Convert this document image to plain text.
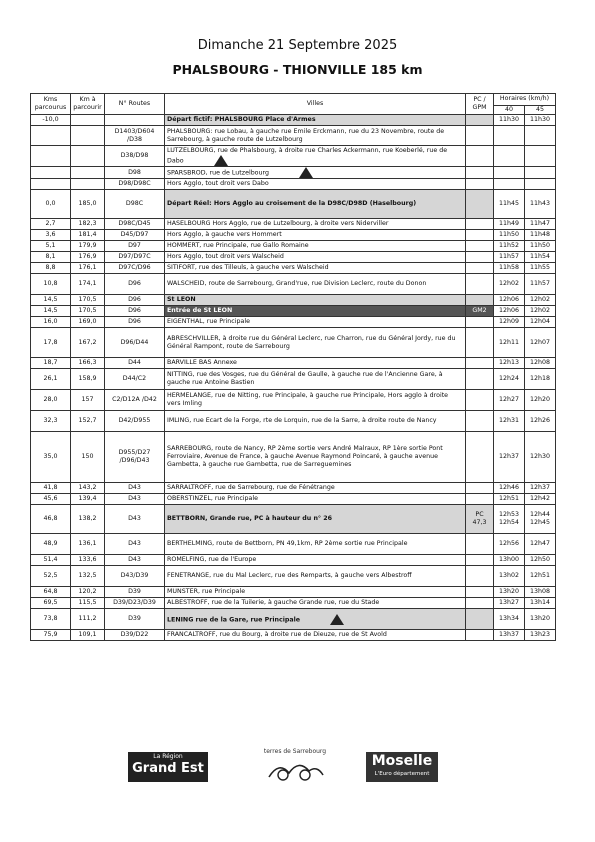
Dimanche 21 Septembre 2025
PHALSBOURG - THIONVILLE 185 km
Kms parcourus	Km à parcourir	N° Routes	Villes	PC / GPM	Horaires (km/h)	
					40	45
-10,0			Départ fictif: PHALSBOURG Place d'Armes		11h30	11h30
		D1403/D604 /D38	PHALSBOURG: rue Lobau, à gauche rue Emile Erckmann, rue du 23 Novembre, route de Sarrebourg, à gauche route de Lutzelbourg			
		D38/D98	LUTZELBOURG, rue de Phalsbourg, à droite rue Charles Ackermann, rue Koeberlé, rue de Dabo			
		D98	SPARSBROD, rue de Lutzelbourg			
		D98/D98C	Hors Agglo, tout droit vers Dabo			
0,0	185,0	D98C	Départ Réel: Hors Agglo au croisement de la D98C/D98D (Haselbourg)		11h45	11h43
2,7	182,3	D98C/D45	HASELBOURG Hors Agglo, rue de Lutzelbourg, à droite vers Niderviller		11h49	11h47
3,6	181,4	D45/D97	Hors Agglo, à gauche vers Hommert		11h50	11h48
5,1	179,9	D97	HOMMERT, rue Principale, rue Gallo Romaine		11h52	11h50
8,1	176,9	D97/D97C	Hors Agglo, tout droit vers Walscheid		11h57	11h54
8,8	176,1	D97C/D96	SITIFORT, rue des Tilleuls, à gauche vers Walscheid		11h58	11h55
10,8	174,1	D96	WALSCHEID, route de Sarrebourg, Grand'rue, rue Division Leclerc, route du Donon		12h02	11h57
14,5	170,5	D96	St LEON		12h06	12h02
14,5	170,5	D96	Entrée de St LEON	GM2	12h06	12h02
16,0	169,0	D96	EIGENTHAL, rue Principale		12h09	12h04
17,8	167,2	D96/D44	ABRESCHVILLER, à droite rue du Général Leclerc, rue Charron, rue du Général Jordy, rue du Général Rampont, route de Sarrebourg		12h11	12h07
18,7	166,3	D44	BARVILLE BAS Annexe		12h13	12h08
26,1	158,9	D44/C2	NITTING, rue des Vosges, rue du Général de Gaulle, à gauche rue de l'Ancienne Gare, à gauche rue Antoine Bastien		12h24	12h18
28,0	157	C2/D12A /D42	HERMELANGE, rue de Nitting, rue Principale, à gauche rue Principale, Hors agglo à droite vers Imling		12h27	12h20
32,3	152,7	D42/D955	IMLING, rue Ecart de la Forge, rte de Lorquin, rue de la Sarre, à droite route de Nancy		12h31	12h26
35,0	150	D955/D27 /D96/D43	SARREBOURG, route de Nancy, RP 2ème sortie vers André Malraux, RP 1ère sortie Pont Ferroviaire, Avenue de France, à gauche Avenue Raymond Poincaré, à gauche avenue Gambetta, à gauche rue Gambetta, rue de Sarreguemines		12h37	12h30
41,8	143,2	D43	SARRALTROFF, rue de Sarrebourg, rue de Fénétrange		12h46	12h37
45,6	139,4	D43	OBERSTINZEL, rue Principale		12h51	12h42
46,8	138,2	D43	BETTBORN, Grande rue, PC à hauteur du n° 26	PC 47,3	12h53 12h54	12h44 12h45
48,9	136,1	D43	BERTHELMING, route de Bettborn, PN 49,1km, RP 2ème sortie rue Principale		12h56	12h47
51,4	133,6	D43	ROMELFING, rue de l'Europe		13h00	12h50
52,5	132,5	D43/D39	FENETRANGE, rue du Mal Leclerc, rue des Remparts, à gauche vers Albestroff		13h02	12h51
64,8	120,2	D39	MUNSTER, rue Principale		13h20	13h08
69,5	115,5	D39/D23/D39	ALBESTROFF, rue de la Tuilerie, à gauche Grande rue, rue du Stade		13h27	13h14
73,8	111,2	D39	LENING rue de la Gare, rue Principale		13h34	13h20
75,9	109,1	D39/D22	FRANCALTROFF, rue du Bourg, à droite rue de Dieuze, rue de St Avold		13h37	13h23
La Région
Grand Est
terres de Sarrebourg
Moselle
L'Euro département
